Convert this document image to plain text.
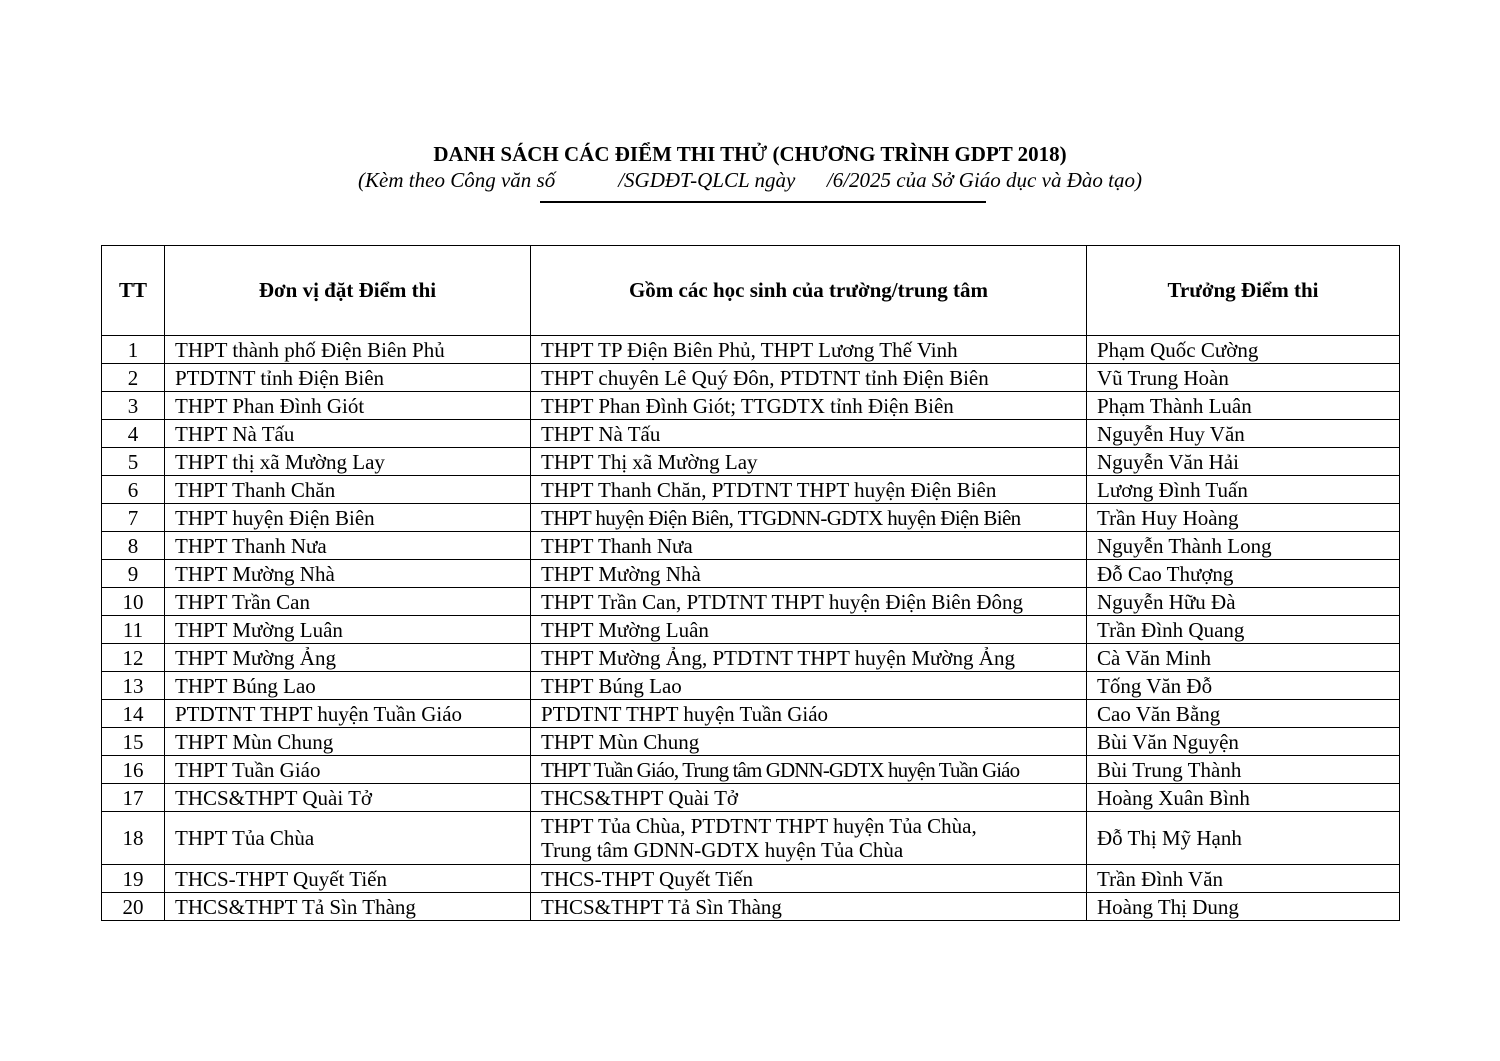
DANH SÁCH CÁC ĐIỂM THI THỬ (CHƯƠNG TRÌNH GDPT 2018)
(Kèm theo Công văn số            /SGDĐT-QLCL ngày      /6/2025 của Sở Giáo dục và Đào tạo)
TT	Đơn vị đặt Điểm thi	Gồm các học sinh của trường/trung tâm	Trưởng Điểm thi
1	THPT thành phố Điện Biên Phủ	THPT TP Điện Biên Phủ, THPT Lương Thế Vinh	Phạm Quốc Cường
2	PTDTNT tỉnh Điện Biên	THPT chuyên Lê Quý Đôn, PTDTNT tỉnh Điện Biên	Vũ Trung Hoàn
3	THPT Phan Đình Giót	THPT Phan Đình Giót; TTGDTX tỉnh Điện Biên	Phạm Thành Luân
4	THPT Nà Tấu	THPT Nà Tấu	Nguyễn Huy Văn
5	THPT thị xã Mường Lay	THPT Thị xã Mường Lay	Nguyễn Văn Hải
6	THPT Thanh Chăn	THPT Thanh Chăn, PTDTNT THPT huyện Điện Biên	Lương Đình Tuấn
7	THPT huyện Điện Biên	THPT huyện Điện Biên, TTGDNN-GDTX huyện Điện Biên	Trần Huy Hoàng
8	THPT Thanh Nưa	THPT Thanh Nưa	Nguyễn Thành Long
9	THPT Mường Nhà	THPT Mường Nhà	Đỗ Cao Thượng
10	THPT Trần Can	THPT Trần Can, PTDTNT THPT huyện Điện Biên Đông	Nguyễn Hữu Đà
11	THPT Mường Luân	THPT Mường Luân	Trần Đình Quang
12	THPT Mường Ảng	THPT Mường Ảng, PTDTNT THPT huyện Mường Ảng	Cà Văn Minh
13	THPT Búng Lao	THPT Búng Lao	Tống Văn Đỗ
14	PTDTNT THPT huyện Tuần Giáo	PTDTNT THPT huyện Tuần Giáo	Cao Văn Bằng
15	THPT Mùn Chung	THPT Mùn Chung	Bùi Văn Nguyện
16	THPT Tuần Giáo	THPT Tuần Giáo, Trung tâm GDNN-GDTX huyện Tuần Giáo	Bùi Trung Thành
17	THCS&THPT Quài Tở	THCS&THPT Quài Tở	Hoàng Xuân Bình
18	THPT Tủa Chùa	THPT Tủa Chùa, PTDTNT THPT huyện Tủa Chùa,
Trung tâm GDNN-GDTX huyện Tủa Chùa	Đỗ Thị Mỹ Hạnh
19	THCS-THPT Quyết Tiến	THCS-THPT Quyết Tiến	Trần Đình Văn
20	THCS&THPT Tả Sìn Thàng	THCS&THPT Tả Sìn Thàng	Hoàng Thị Dung
